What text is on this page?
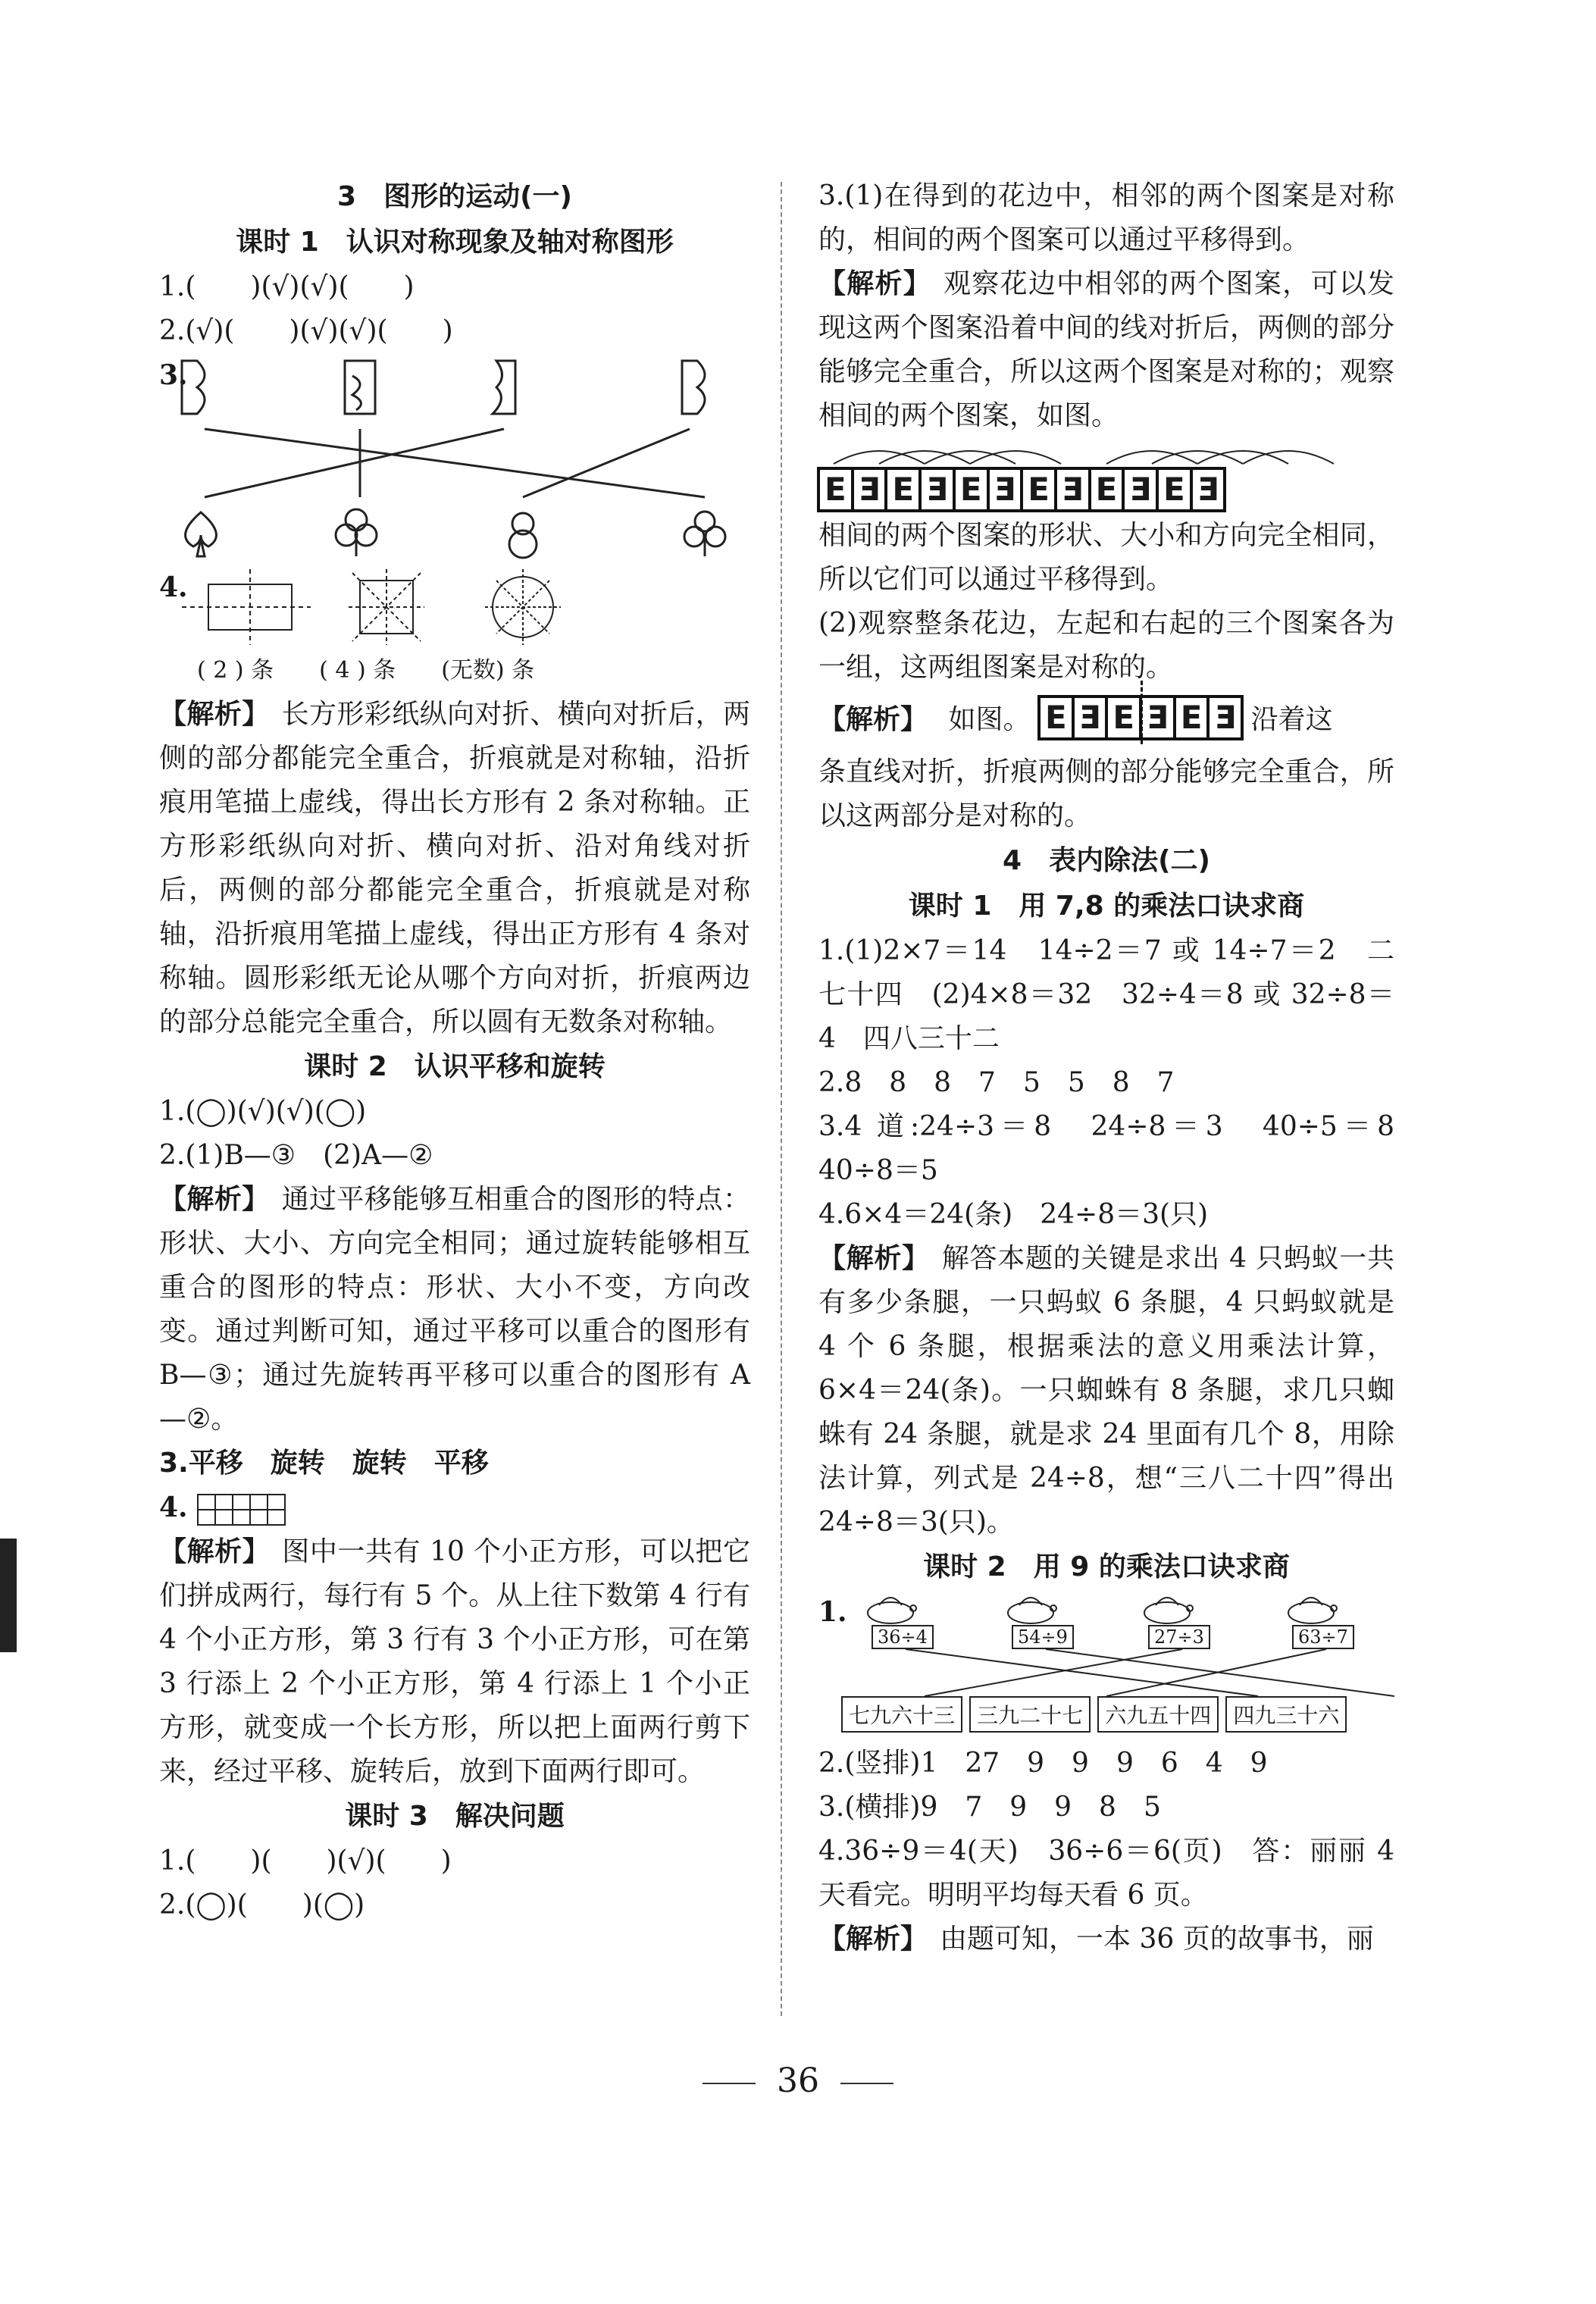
3　图形的运动(一)
课时 1　认识对称现象及轴对称图形
1.(　　)(√)(√)(　　)
2.(√)(　　)(√)(√)(　　)
3.
4.
( 2 ) 条　　( 4 ) 条　　(无数) 条
【解析】 长方形彩纸纵向对折、横向对折后，两侧的部分都能完全重合，折痕就是对称轴，沿折痕用笔描上虚线，得出长方形有 2 条对称轴。正方形彩纸纵向对折、横向对折、沿对角线对折后，两侧的部分都能完全重合，折痕就是对称轴，沿折痕用笔描上虚线，得出正方形有 4 条对称轴。圆形彩纸无论从哪个方向对折，折痕两边的部分总能完全重合，所以圆有无数条对称轴。
课时 2　认识平移和旋转
1.(◯)(√)(√)(◯)
2.(1)B—③　(2)A—②
【解析】 通过平移能够互相重合的图形的特点：形状、大小、方向完全相同；通过旋转能够相互重合的图形的特点：形状、大小不变，方向改变。通过判断可知，通过平移可以重合的图形有 B—③；通过先旋转再平移可以重合的图形有 A—②。
3.平移　旋转　旋转　平移
4.
【解析】 图中一共有 10 个小正方形，可以把它们拼成两行，每行有 5 个。从上往下数第 4 行有 4 个小正方形，第 3 行有 3 个小正方形，可在第 3 行添上 2 个小正方形，第 4 行添上 1 个小正方形，就变成一个长方形，所以把上面两行剪下来，经过平移、旋转后，放到下面两行即可。
课时 3　解决问题
1.(　　)(　　)(√)(　　)
2.(◯)(　　)(◯)
3.(1)在得到的花边中，相邻的两个图案是对称的，相间的两个图案可以通过平移得到。
【解析】 观察花边中相邻的两个图案，可以发现这两个图案沿着中间的线对折后，两侧的部分能够完全重合，所以这两个图案是对称的；观察相间的两个图案，如图。
E Ǝ E Ǝ E Ǝ E Ǝ E Ǝ E Ǝ
相间的两个图案的形状、大小和方向完全相同，所以它们可以通过平移得到。
(2)观察整条花边，左起和右起的三个图案各为一组，这两组图案是对称的。
【解析】 如图。 E Ǝ E Ǝ E Ǝ 沿着这
条直线对折，折痕两侧的部分能够完全重合，所以这两部分是对称的。
4　表内除法(二)
课时 1　用 7,8 的乘法口诀求商
1.(1)2×7＝14　14÷2＝7 或 14÷7＝2　二七十四　(2)4×8＝32　32÷4＝8 或 32÷8＝4　四八三十二
2.8　8　8　7　5　5　8　7
3.4 道:24÷3＝8　24÷8＝3　40÷5＝8　40÷8＝5
4.6×4＝24(条)　24÷8＝3(只)
【解析】 解答本题的关键是求出 4 只蚂蚁一共有多少条腿，一只蚂蚁 6 条腿，4 只蚂蚁就是 4 个 6 条腿，根据乘法的意义用乘法计算，6×4＝24(条)。一只蜘蛛有 8 条腿，求几只蜘蛛有 24 条腿，就是求 24 里面有几个 8，用除法计算，列式是 24÷8，想“三八二十四”得出 24÷8＝3(只)。
课时 2　用 9 的乘法口诀求商
1.
36÷4	54÷9	27÷3	63÷7
七九六十三 三九二十七 六九五十四 四九三十六
2.(竖排)1　27　9　9　9　6　4　9
3.(横排)9　7　9　9　8　5
4.36÷9＝4(天)　36÷6＝6(页)　答：丽丽 4 天看完。明明平均每天看 6 页。
【解析】 由题可知，一本 36 页的故事书，丽
36
